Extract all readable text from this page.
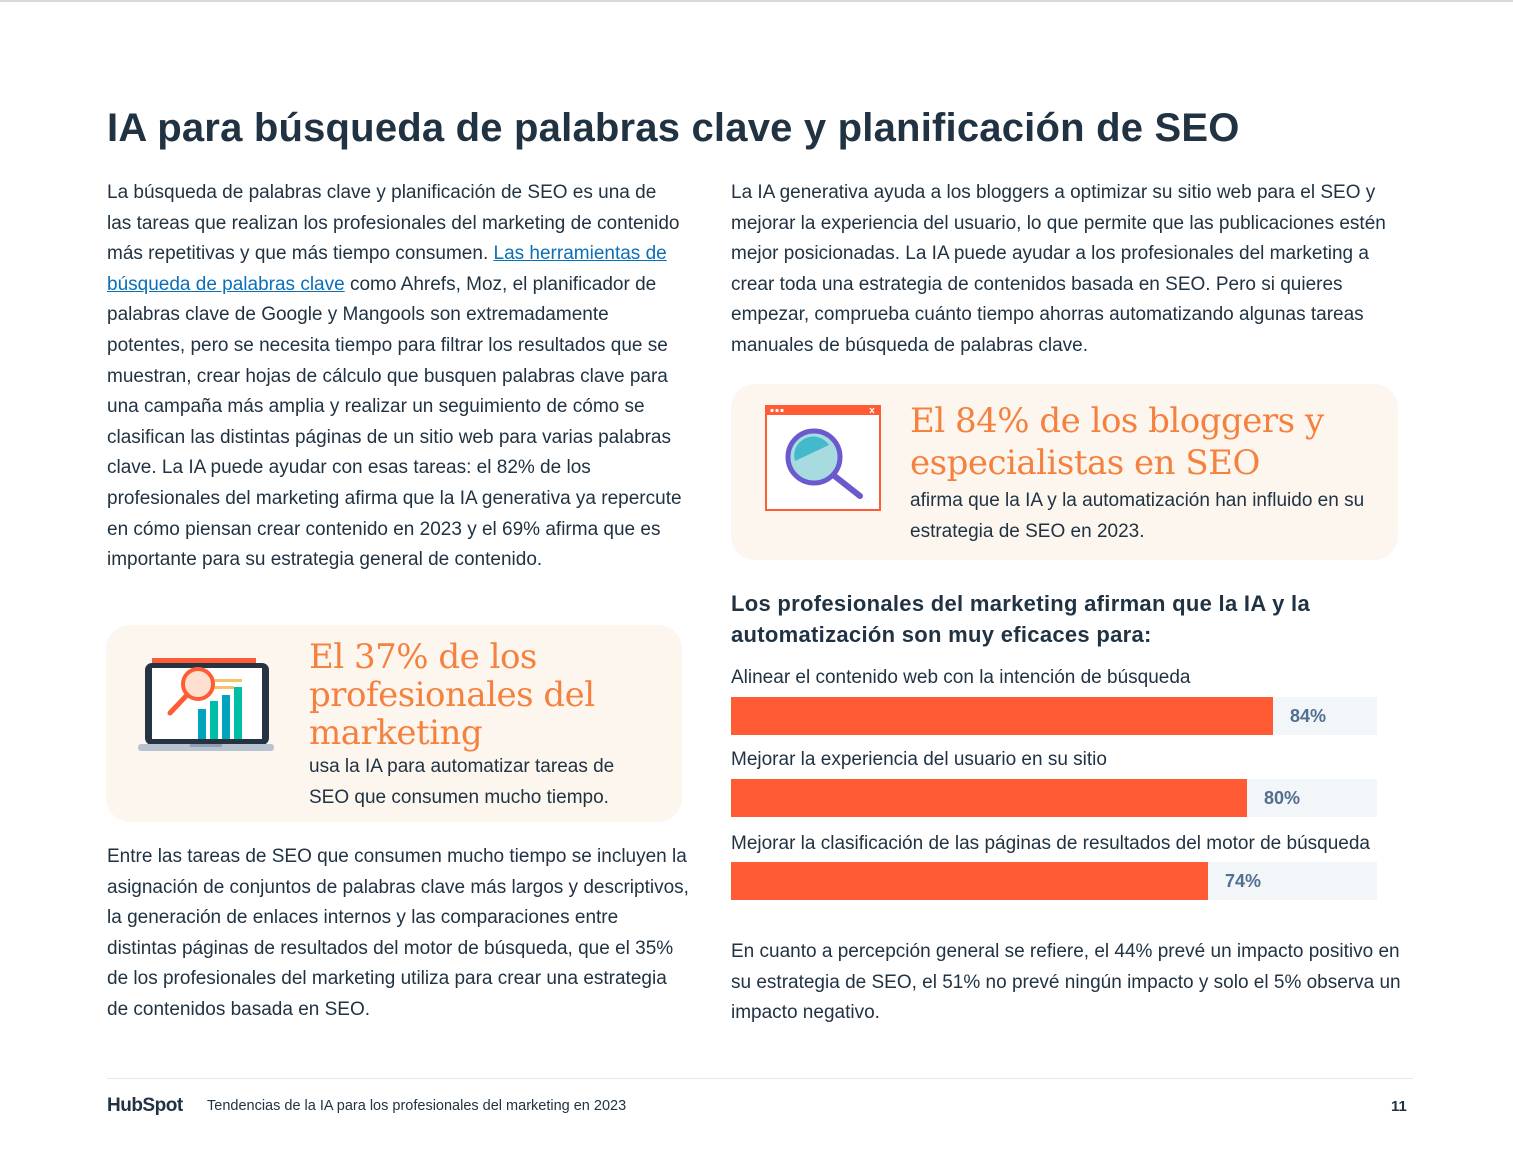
IA para búsqueda de palabras clave y planificación de SEO

La búsqueda de palabras clave y planificación de SEO es una de las tareas que realizan los profesionales del marketing de contenido más repetitivas y que más tiempo consumen. Las herramientas de búsqueda de palabras clave como Ahrefs, Moz, el planificador de palabras clave de Google y Mangools son extremadamente potentes, pero se necesita tiempo para filtrar los resultados que se muestran, crear hojas de cálculo que busquen palabras clave para una campaña más amplia y realizar un seguimiento de cómo se clasifican las distintas páginas de un sitio web para varias palabras clave. La IA puede ayudar con esas tareas: el 82% de los profesionales del marketing afirma que la IA generativa ya repercute en cómo piensan crear contenido en 2023 y el 69% afirma que es importante para su estrategia general de contenido.

El 37% de los profesionales del marketing

usa la IA para automatizar tareas de SEO que consumen mucho tiempo.

Entre las tareas de SEO que consumen mucho tiempo se incluyen la asignación de conjuntos de palabras clave más largos y descriptivos, la generación de enlaces internos y las comparaciones entre distintas páginas de resultados del motor de búsqueda, que el 35% de los profesionales del marketing utiliza para crear una estrategia de contenidos basada en SEO.

La IA generativa ayuda a los bloggers a optimizar su sitio web para el SEO y mejorar la experiencia del usuario, lo que permite que las publicaciones estén mejor posicionadas. La IA puede ayudar a los profesionales del marketing a crear toda una estrategia de contenidos basada en SEO. Pero si quieres empezar, comprueba cuánto tiempo ahorras automatizando algunas tareas manuales de búsqueda de palabras clave.

El 84% de los bloggers y especialistas en SEO

afirma que la IA y la automatización han influido en su estrategia de SEO en 2023.

Los profesionales del marketing afirman que la IA y la automatización son muy eficaces para:

Alinear el contenido web con la intención de búsqueda

84%

Mejorar la experiencia del usuario en su sitio

80%

Mejorar la clasificación de las páginas de resultados del motor de búsqueda

74%

En cuanto a percepción general se refiere, el 44% prevé un impacto positivo en su estrategia de SEO, el 51% no prevé ningún impacto y solo el 5% observa un impacto negativo.

HubSpot Tendencias de la IA para los profesionales del marketing en 2023	11
